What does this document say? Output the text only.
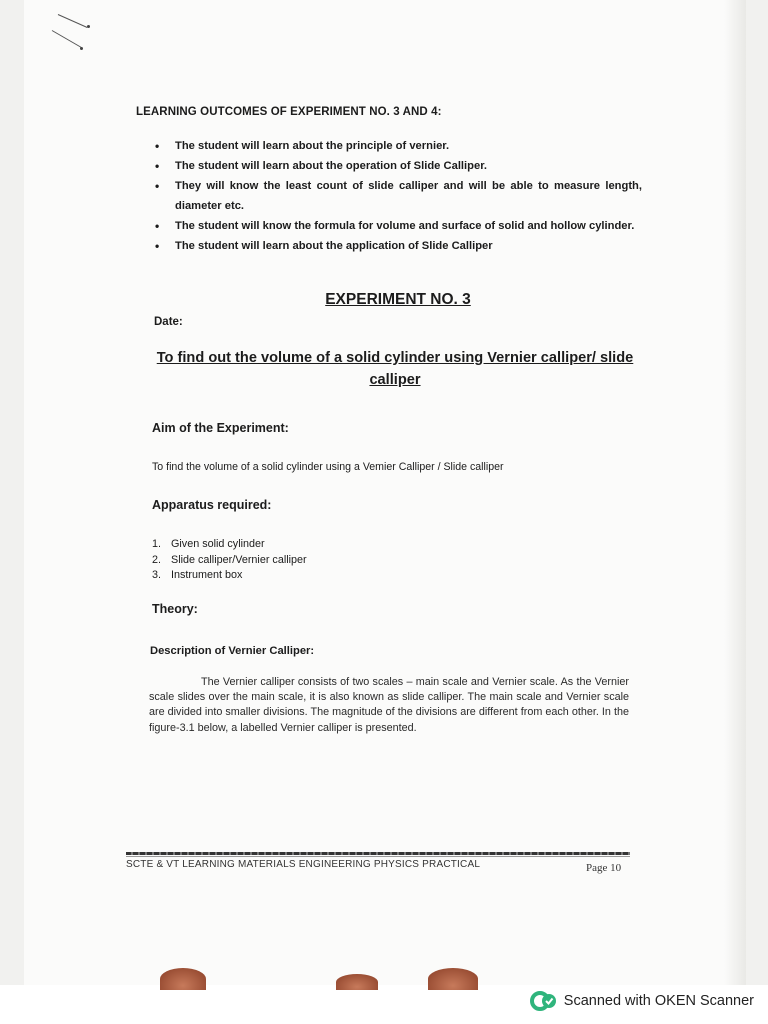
LEARNING OUTCOMES OF EXPERIMENT NO. 3 AND 4:
• The student will learn about the principle of vernier.
• The student will learn about the operation of Slide Calliper.
• They will know the least count of slide calliper and will be able to measure length, diameter etc.
• The student will know the formula for volume and surface of solid and hollow cylinder.
• The student will learn about the application of Slide Calliper
EXPERIMENT NO. 3
Date:
To find out the volume of a solid cylinder using Vernier calliper/ slide calliper
Aim of the Experiment:
To find the volume of a solid cylinder using a Vemier Calliper / Slide calliper
Apparatus required:
1. Given solid cylinder
2. Slide calliper/Vernier calliper
3. Instrument box
Theory:
Description of Vernier Calliper:
The Vernier calliper consists of two scales – main scale and Vernier scale. As the Vernier scale slides over the main scale, it is also known as slide calliper. The main scale and Vernier scale are divided into smaller divisions. The magnitude of the divisions are different from each other. In the figure-3.1 below, a labelled Vernier calliper is presented.
SCTE & VT LEARNING MATERIALS ENGINEERING PHYSICS PRACTICAL	Page 10
Scanned with OKEN Scanner
